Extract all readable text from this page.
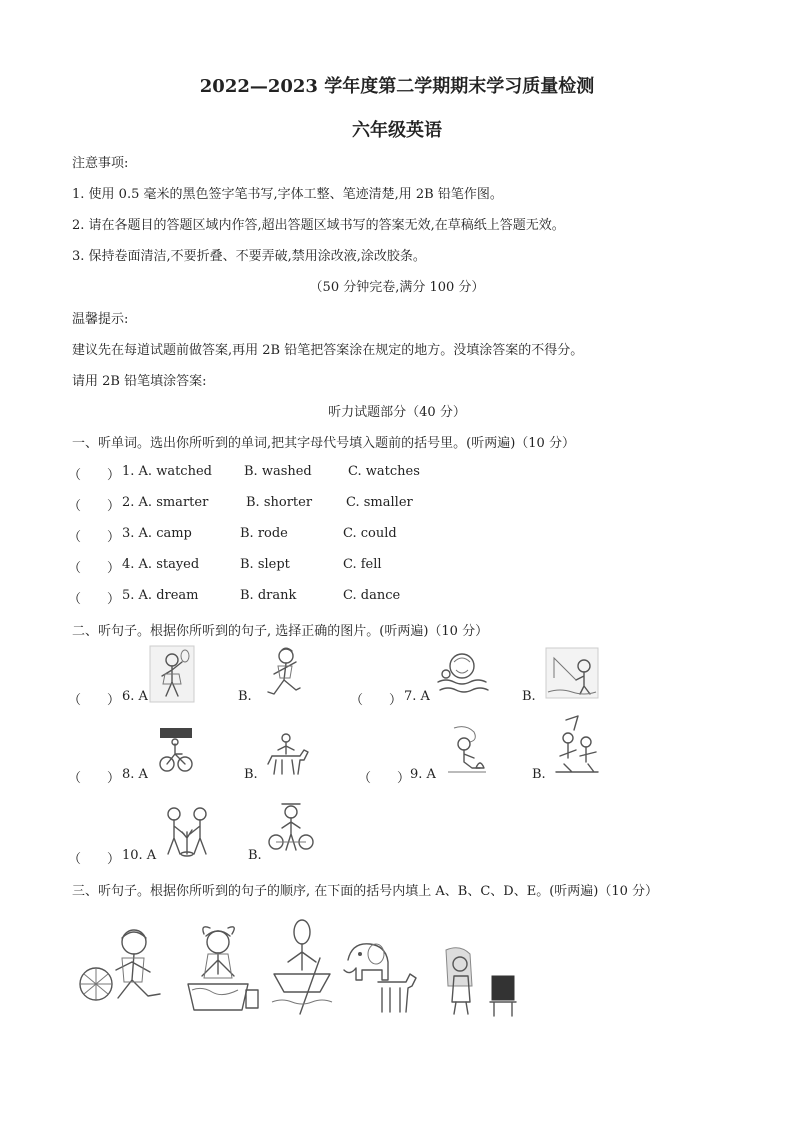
2022—2023 学年度第二学期期末学习质量检测
六年级英语
注意事项:
1. 使用 0.5 毫米的黑色签字笔书写,字体工整、笔迹清楚,用 2B 铅笔作图。
2. 请在各题目的答题区域内作答,超出答题区域书写的答案无效,在草稿纸上答题无效。
3. 保持卷面清洁,不要折叠、不要弄破,禁用涂改液,涂改胶条。
（50 分钟完卷,满分 100 分）
温馨提示:
建议先在每道试题前做答案,再用 2B 铅笔把答案涂在规定的地方。没填涂答案的不得分。
请用 2B 铅笔填涂答案:
听力试题部分（40 分）
一、听单词。选出你所听到的单词,把其字母代号填入题前的括号里。(听两遍)（10 分）
（　　） 1. A. watched B. washed	C. watches
（　　） 2. A. smarter	B. shorter	C. smaller
（　　） 3. A. camp	B. rode	C. could
（　　） 4. A. stayed	B. slept	C. fell
（　　） 5. A. dream	B. drank	C. dance
二、听句子。根据你所听到的句子, 选择正确的图片。(听两遍)（10 分）
（　　） 6. A	B.	（　　） 7. A	B.
（　　） 8. A	B.	（　　） 9. A	B.
（　　） 10. A	B.
三、听句子。根据你所听到的句子的顺序, 在下面的括号内填上 A、B、C、D、E。(听两遍)（10 分）
